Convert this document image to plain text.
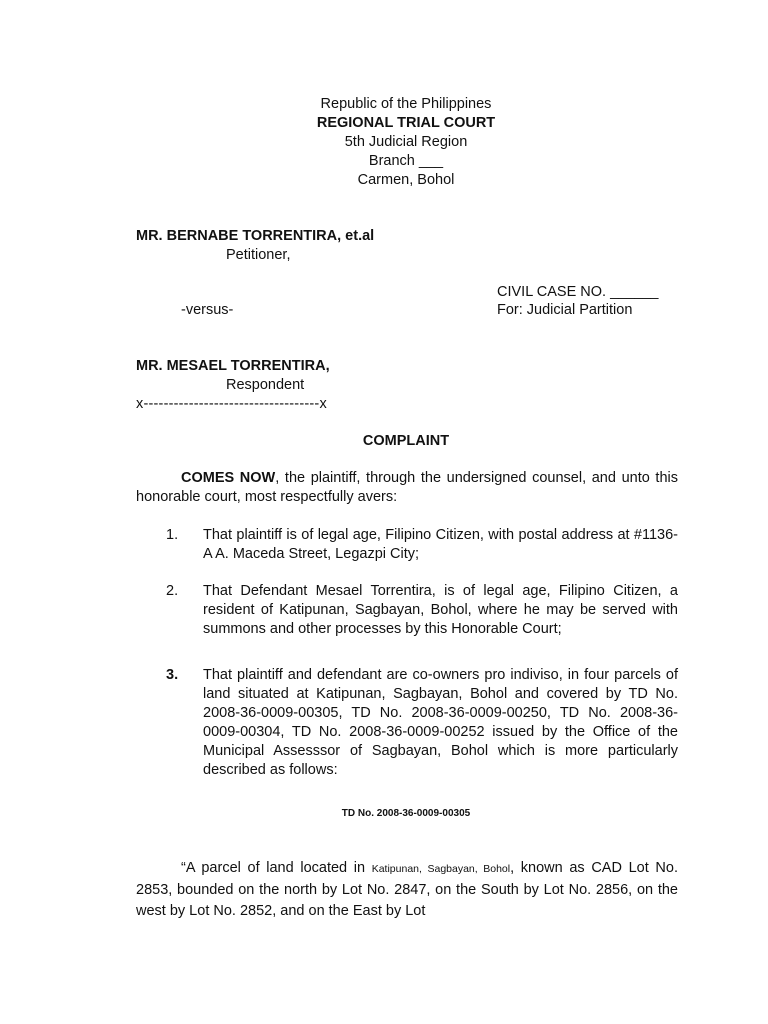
Republic of the Philippines
REGIONAL TRIAL COURT
5th Judicial Region
Branch ___
Carmen, Bohol
MR. BERNABE TORRENTIRA, et.al
Petitioner,
CIVIL CASE NO. ______
-versus-	For: Judicial Partition
MR. MESAEL TORRENTIRA,
Respondent
x-----------------------------------x
COMPLAINT
COMES NOW, the plaintiff, through the undersigned counsel, and unto this honorable court, most respectfully avers:
1. That plaintiff is of legal age, Filipino Citizen, with postal address at #1136-A A. Maceda Street, Legazpi City;
2. That Defendant Mesael Torrentira, is of legal age, Filipino Citizen, a resident of Katipunan, Sagbayan, Bohol, where he may be served with summons and other processes by this Honorable Court;
3. That plaintiff and defendant are co-owners pro indiviso, in four parcels of land situated at Katipunan, Sagbayan, Bohol and covered by TD No. 2008-36-0009-00305, TD No. 2008-36-0009-00250, TD No. 2008-36-0009-00304, TD No. 2008-36-0009-00252 issued by the Office of the Municipal Assesssor of Sagbayan, Bohol which is more particularly described as follows:
TD No. 2008-36-0009-00305
“A parcel of land located in Katipunan, Sagbayan, Bohol, known as CAD Lot No. 2853, bounded on the north by Lot No. 2847, on the South by Lot No. 2856, on the west by Lot No. 2852, and on the East by Lot
